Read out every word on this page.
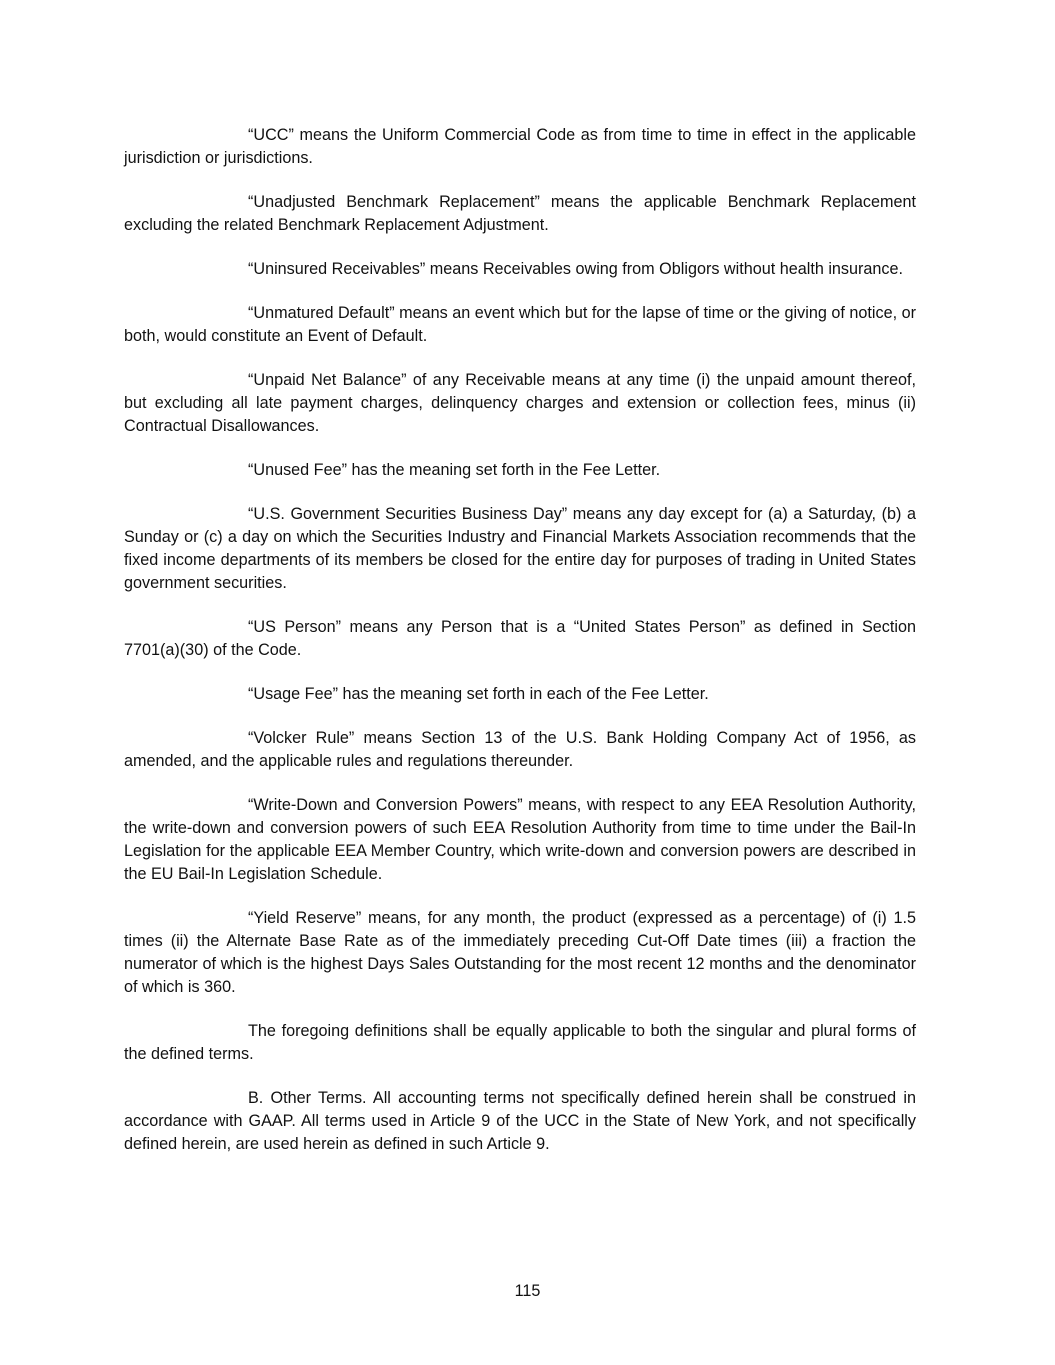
“UCC” means the Uniform Commercial Code as from time to time in effect in the applicable jurisdiction or jurisdictions.

“Unadjusted Benchmark Replacement” means the applicable Benchmark Replacement excluding the related Benchmark Replacement Adjustment.

“Uninsured Receivables” means Receivables owing from Obligors without health insurance.

“Unmatured Default” means an event which but for the lapse of time or the giving of notice, or both, would constitute an Event of Default.

“Unpaid Net Balance” of any Receivable means at any time (i) the unpaid amount thereof, but excluding all late payment charges, delinquency charges and extension or collection fees, minus (ii) Contractual Disallowances.

“Unused Fee” has the meaning set forth in the Fee Letter.

“U.S. Government Securities Business Day” means any day except for (a) a Saturday, (b) a Sunday or (c) a day on which the Securities Industry and Financial Markets Association recommends that the fixed income departments of its members be closed for the entire day for purposes of trading in United States government securities.

“US Person” means any Person that is a “United States Person” as defined in Section 7701(a)(30) of the Code.

“Usage Fee” has the meaning set forth in each of the Fee Letter.

“Volcker Rule” means Section 13 of the U.S. Bank Holding Company Act of 1956, as amended, and the applicable rules and regulations thereunder.

“Write-Down and Conversion Powers” means, with respect to any EEA Resolution Authority, the write-down and conversion powers of such EEA Resolution Authority from time to time under the Bail-In Legislation for the applicable EEA Member Country, which write-down and conversion powers are described in the EU Bail-In Legislation Schedule.

“Yield Reserve” means, for any month, the product (expressed as a percentage) of (i) 1.5 times (ii) the Alternate Base Rate as of the immediately preceding Cut-Off Date times (iii) a fraction the numerator of which is the highest Days Sales Outstanding for the most recent 12 months and the denominator of which is 360.

The foregoing definitions shall be equally applicable to both the singular and plural forms of the defined terms.

B. Other Terms. All accounting terms not specifically defined herein shall be construed in accordance with GAAP. All terms used in Article 9 of the UCC in the State of New York, and not specifically defined herein, are used herein as defined in such Article 9.

115
